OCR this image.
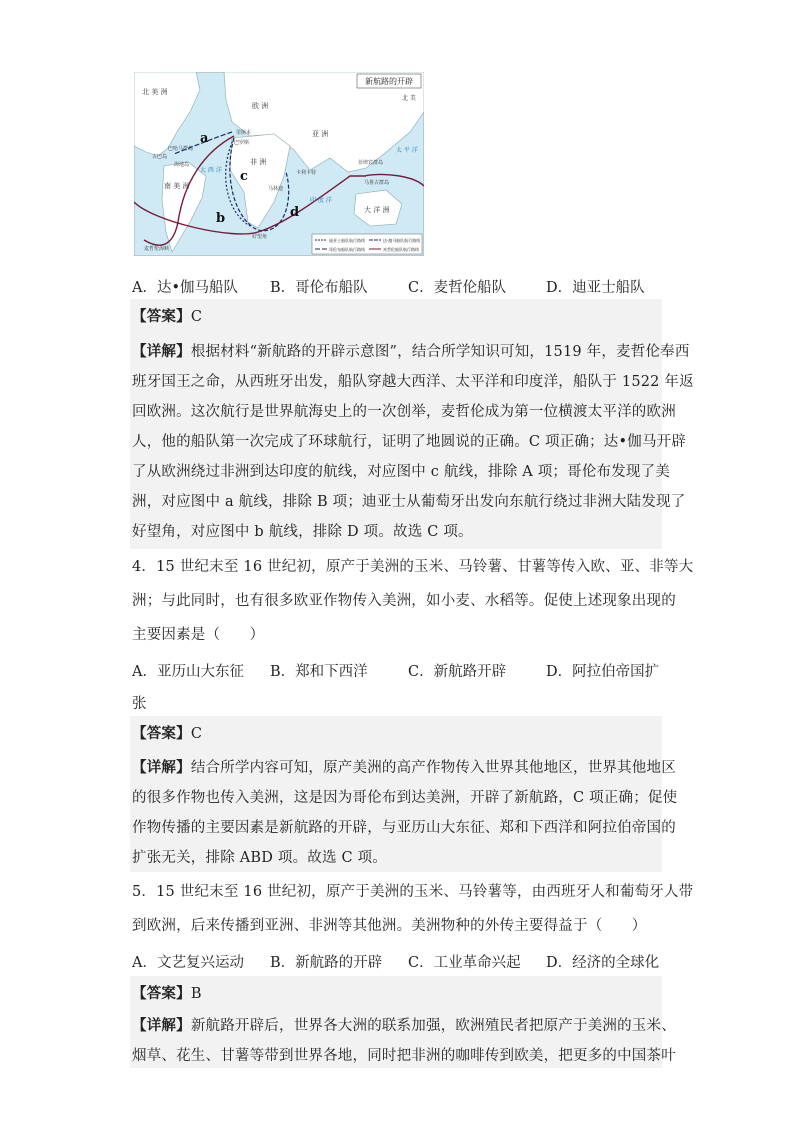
新航路的开辟
北 美 洲
南 美 洲
欧 洲
非 洲
亚 洲
大 洋 洲
北 美
大 西 洋
印 度 洋
太 平 洋
古巴岛
巴哈马群岛
海地岛
里斯本
巴罗斯
马林迪
卡利卡特
菲律宾群岛
马鲁古群岛
好望角
麦哲伦海峡
a
b
c
d
迪亚士船队航行路线	达·伽马船队航行路线
哥伦布船队航行路线	麦哲伦船队航行路线
A．达•伽马船队	B．哥伦布船队	C．麦哲伦船队	D．迪亚士船队
【答案】C
【详解】根据材料“新航路的开辟示意图”，结合所学知识可知，1519 年，麦哲伦奉西
班牙国王之命，从西班牙出发，船队穿越大西洋、太平洋和印度洋，船队于 1522 年返
回欧洲。这次航行是世界航海史上的一次创举，麦哲伦成为第一位横渡太平洋的欧洲
人，他的船队第一次完成了环球航行，证明了地圆说的正确。C 项正确；达•伽马开辟
了从欧洲绕过非洲到达印度的航线，对应图中 c 航线，排除 A 项；哥伦布发现了美
洲，对应图中 a 航线，排除 B 项；迪亚士从葡萄牙出发向东航行绕过非洲大陆发现了
好望角，对应图中 b 航线，排除 D 项。故选 C 项。
4．15 世纪末至 16 世纪初，原产于美洲的玉米、马铃薯、甘薯等传入欧、亚、非等大
洲；与此同时，也有很多欧亚作物传入美洲，如小麦、水稻等。促使上述现象出现的
主要因素是（　　）
A．亚历山大东征	B．郑和下西洋	C．新航路开辟	D．阿拉伯帝国扩
张
【答案】C
【详解】结合所学内容可知，原产美洲的高产作物传入世界其他地区，世界其他地区
的很多作物也传入美洲，这是因为哥伦布到达美洲，开辟了新航路，C 项正确；促使
作物传播的主要因素是新航路的开辟，与亚历山大东征、郑和下西洋和阿拉伯帝国的
扩张无关，排除 ABD 项。故选 C 项。
5．15 世纪末至 16 世纪初，原产于美洲的玉米、马铃薯等，由西班牙人和葡萄牙人带
到欧洲，后来传播到亚洲、非洲等其他洲。美洲物种的外传主要得益于（　　）
A．文艺复兴运动	B．新航路的开辟	C．工业革命兴起	D．经济的全球化
【答案】B
【详解】新航路开辟后，世界各大洲的联系加强，欧洲殖民者把原产于美洲的玉米、
烟草、花生、甘薯等带到世界各地，同时把非洲的咖啡传到欧美，把更多的中国茶叶
